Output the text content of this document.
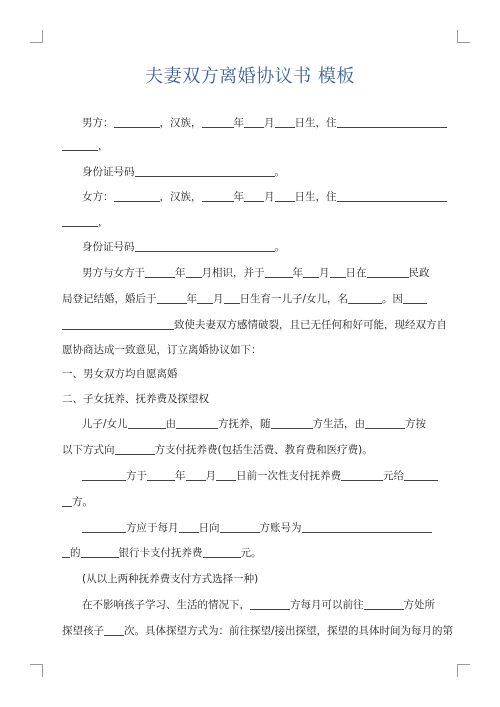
夫妻双方离婚协议书 模板
男方：	，汉族，	年 月 日生，住
，
身份证号码	。
女方：	，汉族，	年 月 日生，住
，
身份证号码	。
男方与女方于	年 月相识，并于	年 月 日在	民政
局登记结婚，婚后于	年 月 日生育一儿子/女儿，名	。因
致使夫妻双方感情破裂，且已无任何和好可能，现经双方自
愿协商达成一致意见，订立离婚协议如下：
一、男女双方均自愿离婚
二、子女抚养、抚养费及探望权
儿子/女儿	由	方抚养，随	方生活，由	方按
以下方式向	方支付抚养费(包括生活费、教育费和医疗费)。
方于	年 月 日前一次性支付抚养费	元给
方。
方应于每月 日向	方账号为
的	银行卡支付抚养费	元。
(从以上两种抚养费支付方式选择一种)
在不影响孩子学习、生活的情况下，	方每月可以前往	方处所
探望孩子 次。具体探望方式为：前往探望/接出探望，探望的具体时间为每月的第
